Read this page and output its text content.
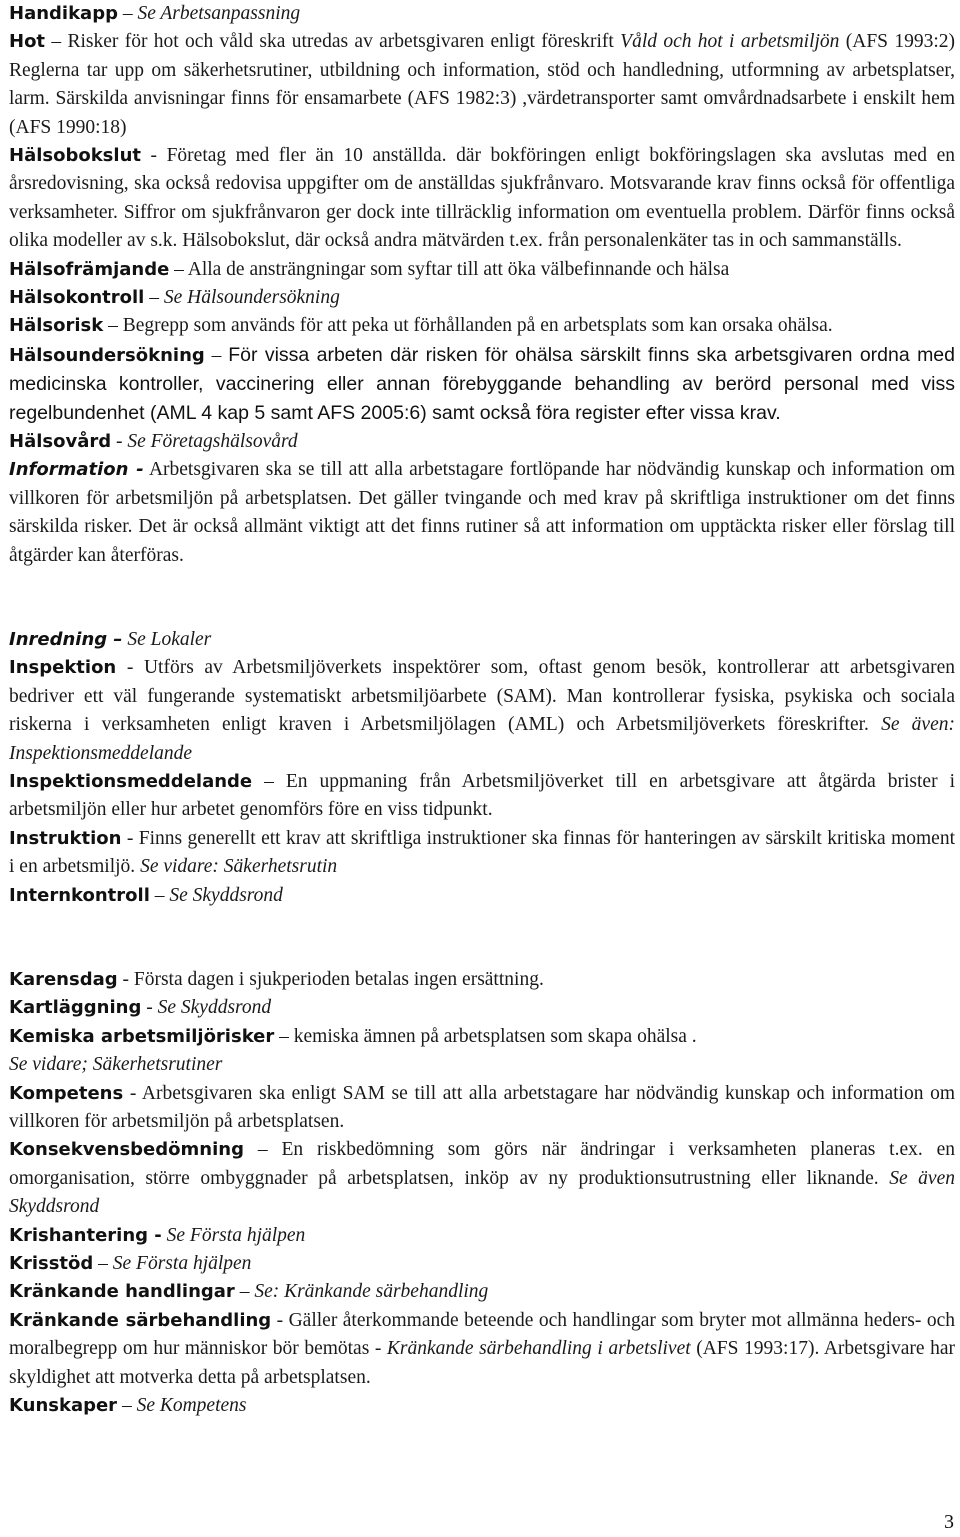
Handikapp – Se Arbetsanpassning

Hot – Risker för hot och våld ska utredas av arbetsgivaren enligt föreskrift Våld och hot i arbetsmiljön (AFS 1993:2) Reglerna tar upp om säkerhetsrutiner, utbildning och information, stöd och handledning, utformning av arbetsplatser, larm. Särskilda anvisningar finns för ensamarbete (AFS 1982:3) ,värdetransporter samt omvårdnadsarbete i enskilt hem (AFS 1990:18)

Hälsobokslut - Företag med fler än 10 anställda. där bokföringen enligt bokföringslagen ska avslutas med en årsredovisning, ska också redovisa uppgifter om de anställdas sjukfrånvaro. Motsvarande krav finns också för offentliga verksamheter. Siffror om sjukfrånvaron ger dock inte tillräcklig information om eventuella problem. Därför finns också olika modeller av s.k. Hälsobokslut, där också andra mätvärden t.ex. från personalenkäter tas in och sammanställs.

Hälsofrämjande – Alla de ansträngningar som syftar till att öka välbefinnande och hälsa

Hälsokontroll – Se Hälsoundersökning

Hälsorisk – Begrepp som används för att peka ut förhållanden på en arbetsplats som kan orsaka ohälsa.

Hälsoundersökning – För vissa arbeten där risken för ohälsa särskilt finns ska arbetsgivaren ordna med medicinska kontroller, vaccinering eller annan förebyggande behandling av berörd personal med viss regelbundenhet (AML 4 kap 5 samt AFS 2005:6) samt också föra register efter vissa krav.

Hälsovård - Se Företagshälsovård

Information - Arbetsgivaren ska se till att alla arbetstagare fortlöpande har nödvändig kunskap och information om villkoren för arbetsmiljön på arbetsplatsen. Det gäller tvingande och med krav på skriftliga instruktioner om det finns särskilda risker. Det är också allmänt viktigt att det finns rutiner så att information om upptäckta risker eller förslag till åtgärder kan återföras.

Inredning – Se Lokaler

Inspektion - Utförs av Arbetsmiljöverkets inspektörer som, oftast genom besök, kontrollerar att arbetsgivaren bedriver ett väl fungerande systematiskt arbetsmiljöarbete (SAM). Man kontrollerar fysiska, psykiska och sociala riskerna i verksamheten enligt kraven i Arbetsmiljölagen (AML) och Arbetsmiljöverkets föreskrifter. Se även: Inspektionsmeddelande

Inspektionsmeddelande – En uppmaning från Arbetsmiljöverket till en arbetsgivare att åtgärda brister i arbetsmiljön eller hur arbetet genomförs före en viss tidpunkt.

Instruktion - Finns generellt ett krav att skriftliga instruktioner ska finnas för hanteringen av särskilt kritiska moment i en arbetsmiljö. Se vidare: Säkerhetsrutin

Internkontroll – Se Skyddsrond

Karensdag - Första dagen i sjukperioden betalas ingen ersättning.

Kartläggning - Se Skyddsrond

Kemiska arbetsmiljörisker – kemiska ämnen på arbetsplatsen som skapa ohälsa .

Se vidare; Säkerhetsrutiner

Kompetens - Arbetsgivaren ska enligt SAM se till att alla arbetstagare har nödvändig kunskap och information om villkoren för arbetsmiljön på arbetsplatsen.

Konsekvensbedömning – En riskbedömning som görs när ändringar i verksamheten planeras t.ex. en omorganisation, större ombyggnader på arbetsplatsen, inköp av ny produktionsutrustning eller liknande. Se även Skyddsrond

Krishantering - Se Första hjälpen

Krisstöd – Se Första hjälpen

Kränkande handlingar – Se: Kränkande särbehandling

Kränkande särbehandling - Gäller återkommande beteende och handlingar som bryter mot allmänna heders- och moralbegrepp om hur människor bör bemötas - Kränkande särbehandling i arbetslivet (AFS 1993:17). Arbetsgivare har skyldighet att motverka detta på arbetsplatsen.

Kunskaper – Se Kompetens

3
